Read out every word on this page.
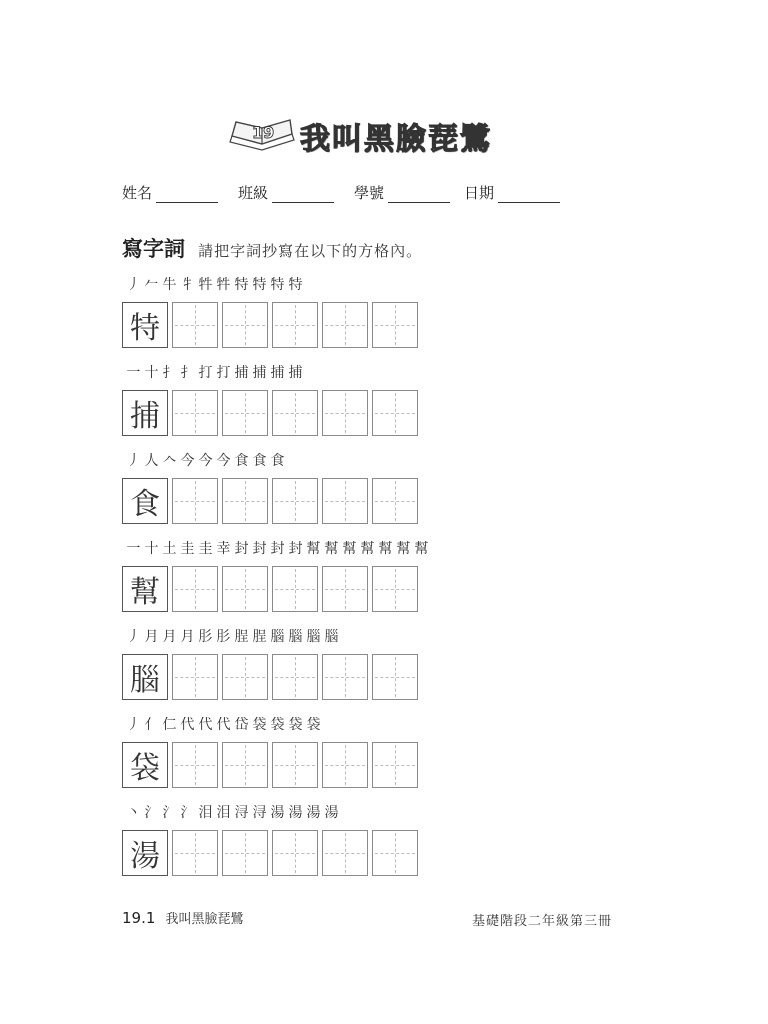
19 我叫黑臉琵鷺
姓名	班級	學號	日期
寫字詞 請把字詞抄寫在以下的方格內。
丿 𠂉 牛 牜 牪 牪 特 特 特 特
特
一 十 扌 扌 打 打 捕 捕 捕 捕
捕
丿 人 𠆢 今 今 今 食 食 食
食
一 十 土 圭 圭 幸 封 封 封 封 幫 幫 幫 幫 幫 幫 幫
幫
丿 月 月 月 肜 肜 脭 脭 腦 腦 腦 腦
腦
丿 亻 仁 代 代 代 岱 袋 袋 袋 袋
袋
丶 氵 氵 氵 泪 泪 浔 浔 湯 湯 湯 湯
湯
19.1 我叫黑臉琵鷺	基礎階段二年級第三冊
